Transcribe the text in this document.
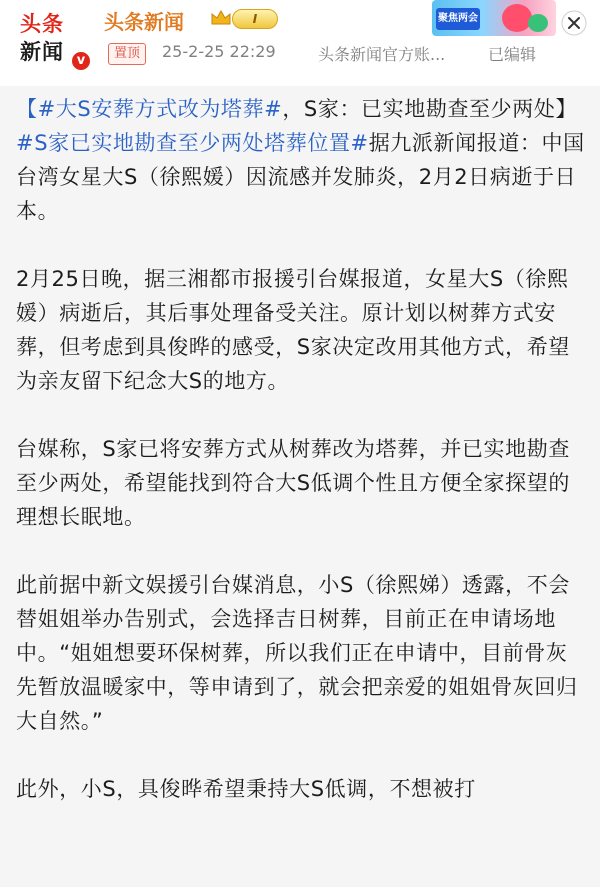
头条
新闻 v
头条新闻	I
置顶	25-2-25 22:29	头条新闻官方账...	已编辑
聚焦两会

【#大S安葬方式改为塔葬#，S家：已实地勘查至少两处】#S家已实地勘查至少两处塔葬位置#据九派新闻报道：中国台湾女星大S（徐熙媛）因流感并发肺炎，2月2日病逝于日本。

2月25日晚，据三湘都市报援引台媒报道，女星大S（徐熙媛）病逝后，其后事处理备受关注。原计划以树葬方式安葬，但考虑到具俊晔的感受，S家决定改用其他方式，希望为亲友留下纪念大S的地方。

台媒称，S家已将安葬方式从树葬改为塔葬，并已实地勘查至少两处，希望能找到符合大S低调个性且方便全家探望的理想长眠地。

此前据中新文娱援引台媒消息，小S（徐熙娣）透露，不会替姐姐举办告别式，会选择吉日树葬，目前正在申请场地中。“姐姐想要环保树葬，所以我们正在申请中，目前骨灰先暂放温暖家中，等申请到了，就会把亲爱的姐姐骨灰回归大自然。”

此外，小S，具俊晔希望秉持大S低调，不想被打
